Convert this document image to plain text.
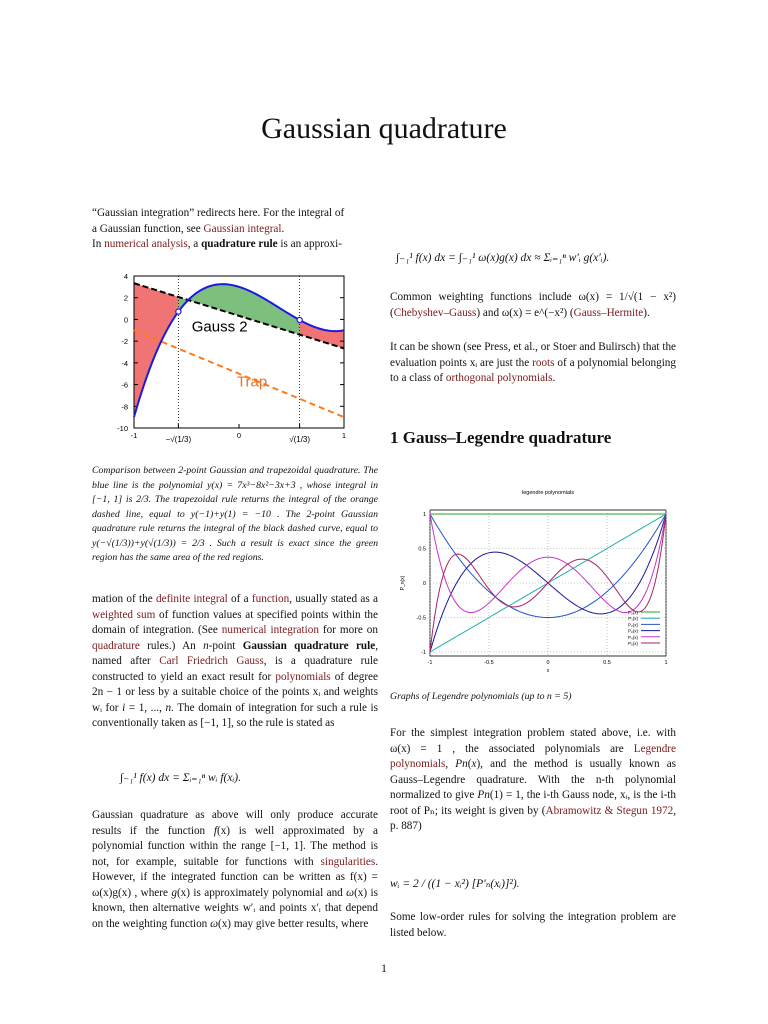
Gaussian quadrature
“Gaussian integration” redirects here. For the integral of
a Gaussian function, see Gaussian integral.
In numerical analysis, a quadrature rule is an approxi-
4
2
0
-2
-4
-6
-8
-10
-1	−√(1/3)	0	√(1/3)	1
Gauss 2
Trap
Comparison between 2-point Gaussian and trapezoidal quadrature. The blue line is the polynomial y(x) = 7x³−8x²−3x+3 , whose integral in [−1, 1] is 2/3. The trapezoidal rule returns the integral of the orange dashed line, equal to y(−1)+y(1) = −10 . The 2-point Gaussian quadrature rule returns the integral of the black dashed curve, equal to y(−√(1/3))+y(√(1/3)) = 2/3 . Such a result is exact since the green region has the same area of the red regions.
mation of the definite integral of a function, usually stated as a weighted sum of function values at specified points within the domain of integration. (See numerical integration for more on quadrature rules.) An n-point Gaussian quadrature rule, named after Carl Friedrich Gauss, is a quadrature rule constructed to yield an exact result for polynomials of degree 2n − 1 or less by a suitable choice of the points xᵢ and weights wᵢ for i = 1, ..., n. The domain of integration for such a rule is conventionally taken as [−1, 1], so the rule is stated as
∫₋₁¹ f(x) dx = Σᵢ₌₁ⁿ wᵢ f(xᵢ).
Gaussian quadrature as above will only produce accurate results if the function f(x) is well approximated by a polynomial function within the range [−1, 1]. The method is not, for example, suitable for functions with singularities. However, if the integrated function can be written as f(x) = ω(x)g(x) , where g(x) is approximately polynomial and ω(x) is known, then alternative weights w′ᵢ and points x′ᵢ that depend on the weighting function ω(x) may give better results, where
∫₋₁¹ f(x) dx = ∫₋₁¹ ω(x)g(x) dx ≈ Σᵢ₌₁ⁿ w′ᵢ g(x′ᵢ).
Common weighting functions include ω(x) = 1/√(1 − x²) (Chebyshev–Gauss) and ω(x) = e^(−x²) (Gauss–Hermite).
It can be shown (see Press, et al., or Stoer and Bulirsch) that the evaluation points xᵢ are just the roots of a polynomial belonging to a class of orthogonal polynomials.
1 Gauss–Legendre quadrature
legendre polynomials
1
0.5
0
-0.5
-1
-1	-0.5	0	0.5	1
x
P_n(x)
P₀(x)
P₁(x)
P₂(x)
P₃(x)
P₄(x)
P₅(x)
Graphs of Legendre polynomials (up to n = 5)
For the simplest integration problem stated above, i.e. with ω(x) = 1 , the associated polynomials are Legendre polynomials, Pn(x), and the method is usually known as Gauss–Legendre quadrature. With the n-th polynomial normalized to give Pn(1) = 1, the i-th Gauss node, xᵢ, is the i-th root of Pₙ; its weight is given by (Abramowitz & Stegun 1972, p. 887)
wᵢ = 2 / ((1 − xᵢ²) [P′ₙ(xᵢ)]²).
Some low-order rules for solving the integration problem are listed below.
1
